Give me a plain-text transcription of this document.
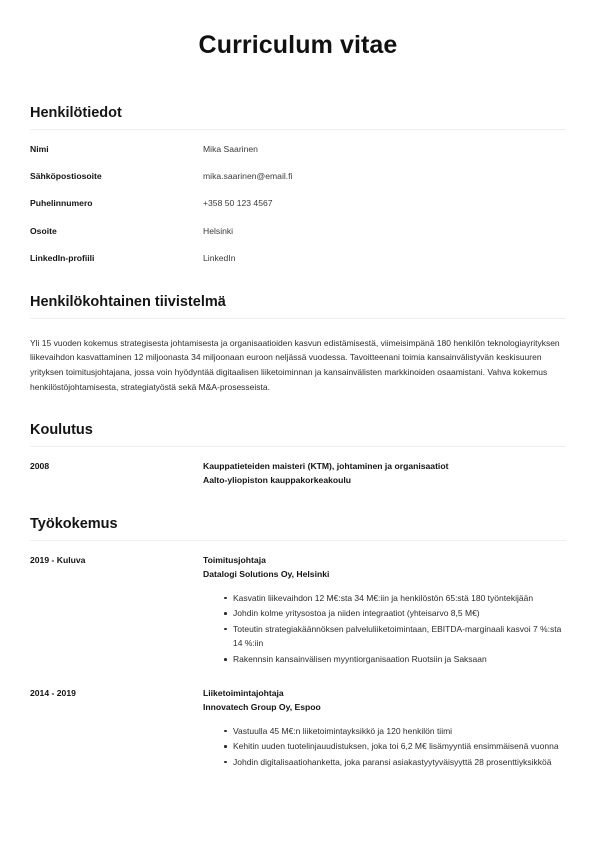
Curriculum vitae
Henkilötiedot
Nimi	Mika Saarinen
Sähköpostiosoite	mika.saarinen@email.fi
Puhelinnumero	+358 50 123 4567
Osoite	Helsinki
LinkedIn-profiili	LinkedIn
Henkilökohtainen tiivistelmä

Yli 15 vuoden kokemus strategisesta johtamisesta ja organisaatioiden kasvun edistämisestä, viimeisimpänä 180 henkilön teknologiayrityksen liikevaihdon kasvattaminen 12 miljoonasta 34 miljoonaan euroon neljässä vuodessa. Tavoitteenani toimia kansainvälistyvän keskisuuren yrityksen toimitusjohtajana, jossa voin hyödyntää digitaalisen liiketoiminnan ja kansainvälisten markkinoiden osaamistani. Vahva kokemus henkilöstöjohtamisesta, strategiatyöstä sekä M&A-prosesseista.

Koulutus
2008	Kauppatieteiden maisteri (KTM), johtaminen ja organisaatiot
Aalto-yliopiston kauppakorkeakoulu
Työkokemus
2019 - Kuluva	Toimitusjohtaja
Datalogi Solutions Oy, Helsinki
Kasvatin liikevaihdon 12 M€:sta 34 M€:iin ja henkilöstön 65:stä 180 työntekijään
Johdin kolme yritysostoa ja niiden integraatiot (yhteisarvo 8,5 M€)
Toteutin strategiakäännöksen palveluliiketoimintaan, EBITDA-marginaali kasvoi 7 %:sta 14 %:iin
Rakennsin kansainvälisen myyntiorganisaation Ruotsiin ja Saksaan
2014 - 2019	Liiketoimintajohtaja
Innovatech Group Oy, Espoo
Vastuulla 45 M€:n liiketoimintayksikkö ja 120 henkilön tiimi
Kehitin uuden tuotelinjauudistuksen, joka toi 6,2 M€ lisämyyntiä ensimmäisenä vuonna
Johdin digitalisaatiohanketta, joka paransi asiakastyytyväisyyttä 28 prosenttiyksikköä
